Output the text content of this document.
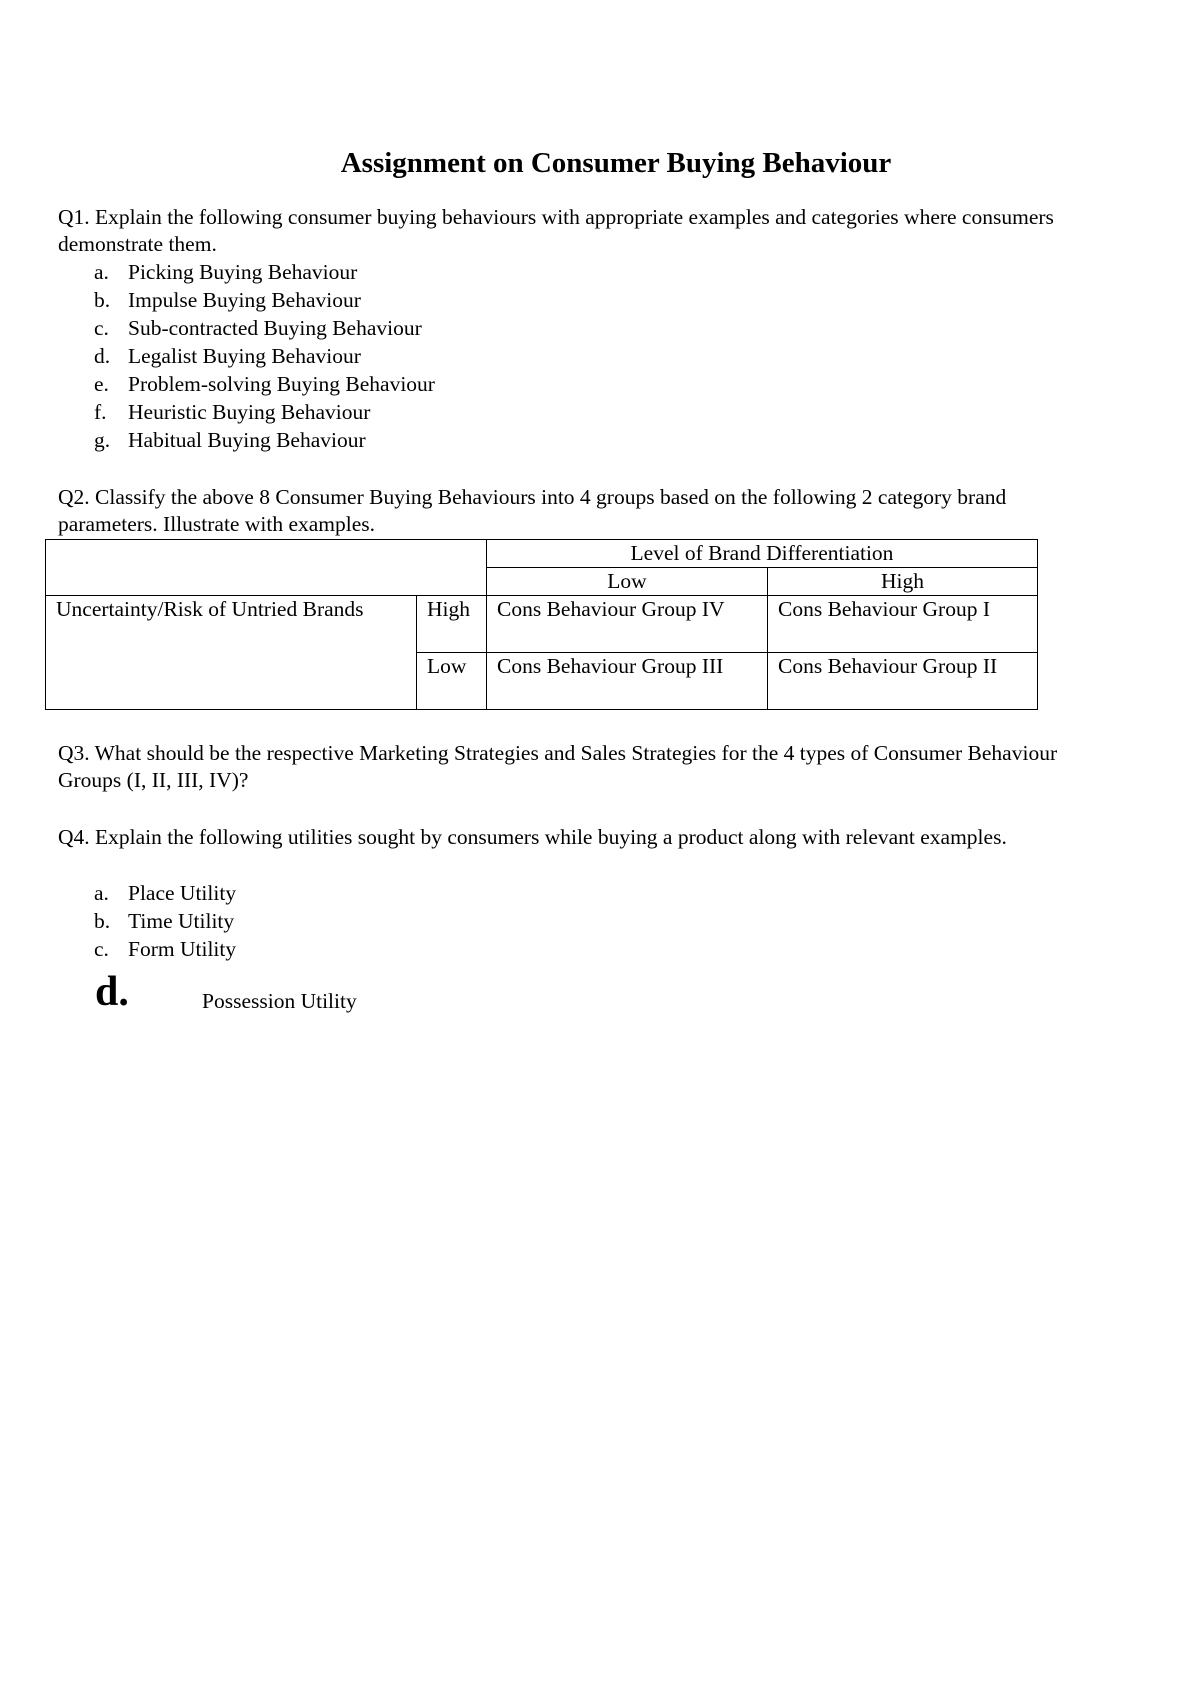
Assignment on Consumer Buying Behaviour
Q1. Explain the following consumer buying behaviours with appropriate examples and categories where consumers demonstrate them.
a. Picking Buying Behaviour
b. Impulse Buying Behaviour
c. Sub-contracted Buying Behaviour
d. Legalist Buying Behaviour
e. Problem-solving Buying Behaviour
f. Heuristic Buying Behaviour
g. Habitual Buying Behaviour
Q2. Classify the above 8 Consumer Buying Behaviours into 4 groups based on the following 2 category brand parameters. Illustrate with examples.
		Level of Brand Differentiation	
		Low	High
Uncertainty/Risk of Untried Brands	High	Cons Behaviour Group IV	Cons Behaviour Group I
	Low	Cons Behaviour Group III	Cons Behaviour Group II
Q3. What should be the respective Marketing Strategies and Sales Strategies for the 4 types of Consumer Behaviour Groups (I, II, III, IV)?
Q4. Explain the following utilities sought by consumers while buying a product along with relevant examples.
a. Place Utility
b. Time Utility
c. Form Utility
d.	Possession Utility
